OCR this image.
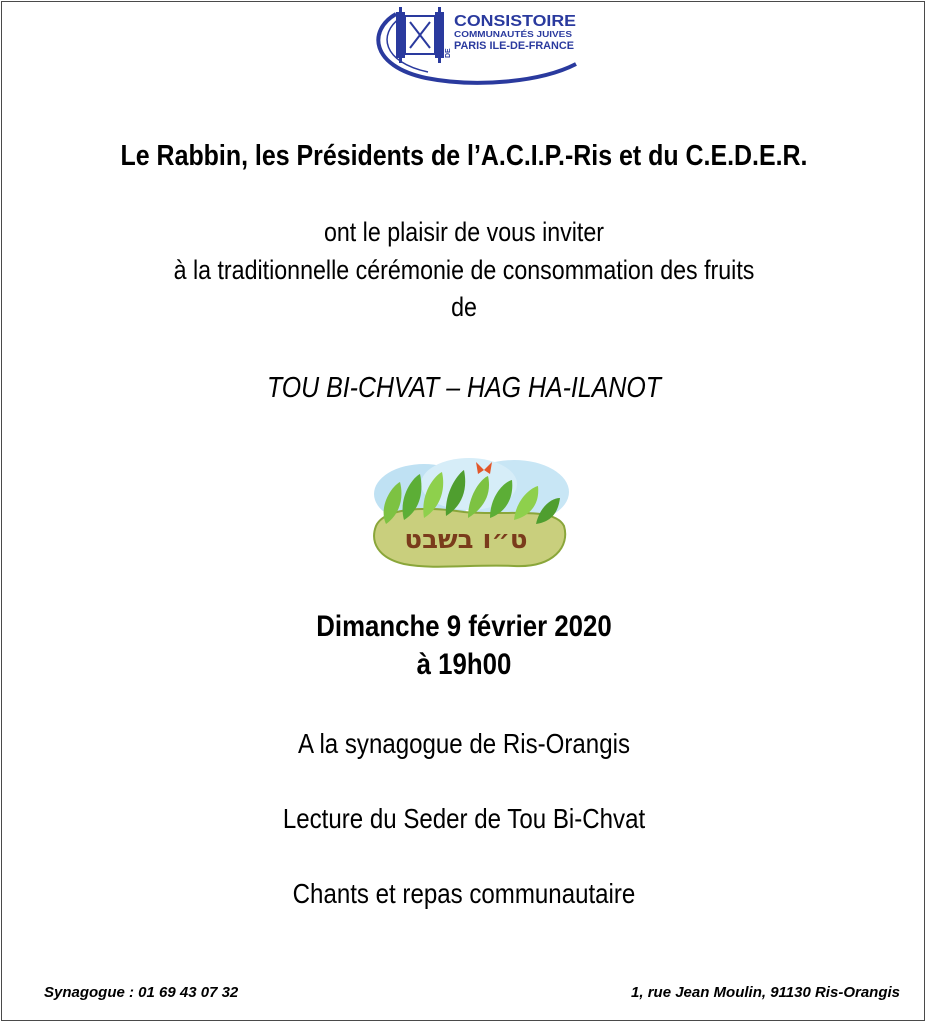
DE
CONSISTOIRE
COMMUNAUTÉS JUIVES
PARIS ILE-DE-FRANCE
Le Rabbin, les Présidents de l’A.C.I.P.-Ris et du C.E.D.E.R.
ont le plaisir de vous inviter
à la traditionnelle cérémonie de consommation des fruits
de
TOU BI-CHVAT – HAG HA-ILANOT
ט״ו בשבט
Dimanche 9 février 2020
à 19h00
A la synagogue de Ris-Orangis
Lecture du Seder de Tou Bi-Chvat
Chants et repas communautaire
Synagogue : 01 69 43 07 32	1, rue Jean Moulin, 91130 Ris-Orangis
